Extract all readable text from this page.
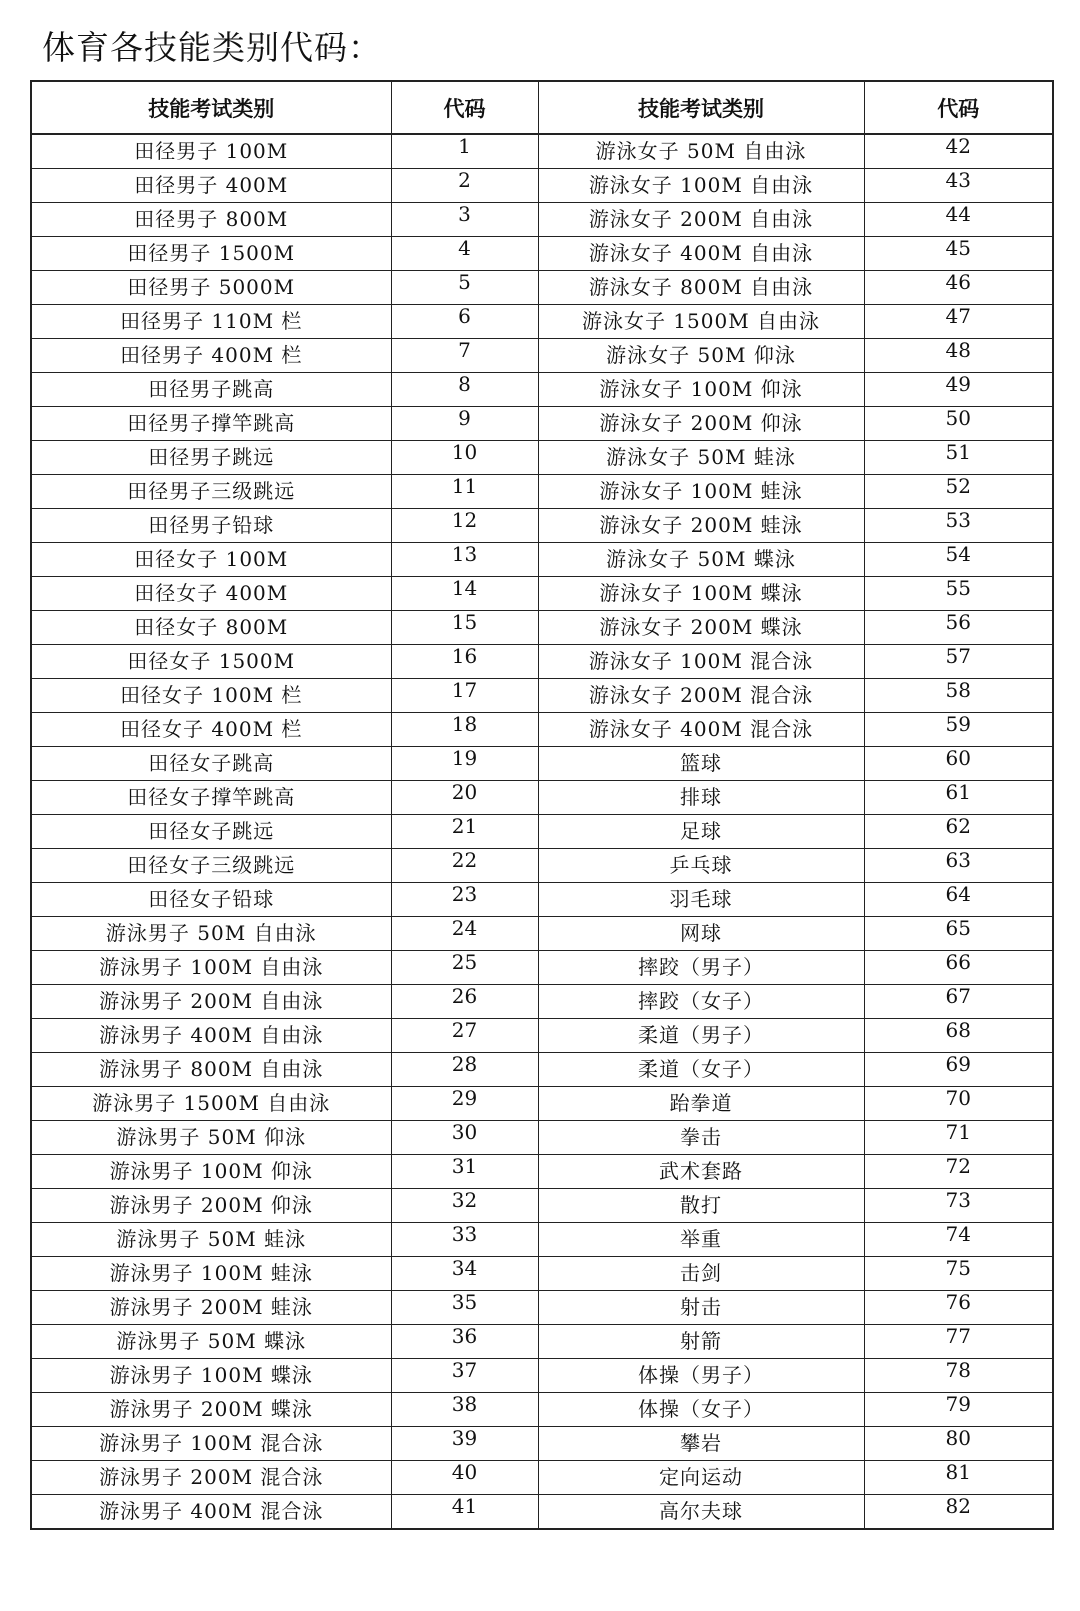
体育各技能类别代码：
技能考试类别	代码	技能考试类别	代码
田径男子 100M	1	游泳女子 50M 自由泳	42
田径男子 400M	2	游泳女子 100M 自由泳	43
田径男子 800M	3	游泳女子 200M 自由泳	44
田径男子 1500M	4	游泳女子 400M 自由泳	45
田径男子 5000M	5	游泳女子 800M 自由泳	46
田径男子 110M 栏	6	游泳女子 1500M 自由泳	47
田径男子 400M 栏	7	游泳女子 50M 仰泳	48
田径男子跳高	8	游泳女子 100M 仰泳	49
田径男子撑竿跳高	9	游泳女子 200M 仰泳	50
田径男子跳远	10	游泳女子 50M 蛙泳	51
田径男子三级跳远	11	游泳女子 100M 蛙泳	52
田径男子铅球	12	游泳女子 200M 蛙泳	53
田径女子 100M	13	游泳女子 50M 蝶泳	54
田径女子 400M	14	游泳女子 100M 蝶泳	55
田径女子 800M	15	游泳女子 200M 蝶泳	56
田径女子 1500M	16	游泳女子 100M 混合泳	57
田径女子 100M 栏	17	游泳女子 200M 混合泳	58
田径女子 400M 栏	18	游泳女子 400M 混合泳	59
田径女子跳高	19	篮球	60
田径女子撑竿跳高	20	排球	61
田径女子跳远	21	足球	62
田径女子三级跳远	22	乒乓球	63
田径女子铅球	23	羽毛球	64
游泳男子 50M 自由泳	24	网球	65
游泳男子 100M 自由泳	25	摔跤（男子）	66
游泳男子 200M 自由泳	26	摔跤（女子）	67
游泳男子 400M 自由泳	27	柔道（男子）	68
游泳男子 800M 自由泳	28	柔道（女子）	69
游泳男子 1500M 自由泳	29	跆拳道	70
游泳男子 50M 仰泳	30	拳击	71
游泳男子 100M 仰泳	31	武术套路	72
游泳男子 200M 仰泳	32	散打	73
游泳男子 50M 蛙泳	33	举重	74
游泳男子 100M 蛙泳	34	击剑	75
游泳男子 200M 蛙泳	35	射击	76
游泳男子 50M 蝶泳	36	射箭	77
游泳男子 100M 蝶泳	37	体操（男子）	78
游泳男子 200M 蝶泳	38	体操（女子）	79
游泳男子 100M 混合泳	39	攀岩	80
游泳男子 200M 混合泳	40	定向运动	81
游泳男子 400M 混合泳	41	高尔夫球	82
